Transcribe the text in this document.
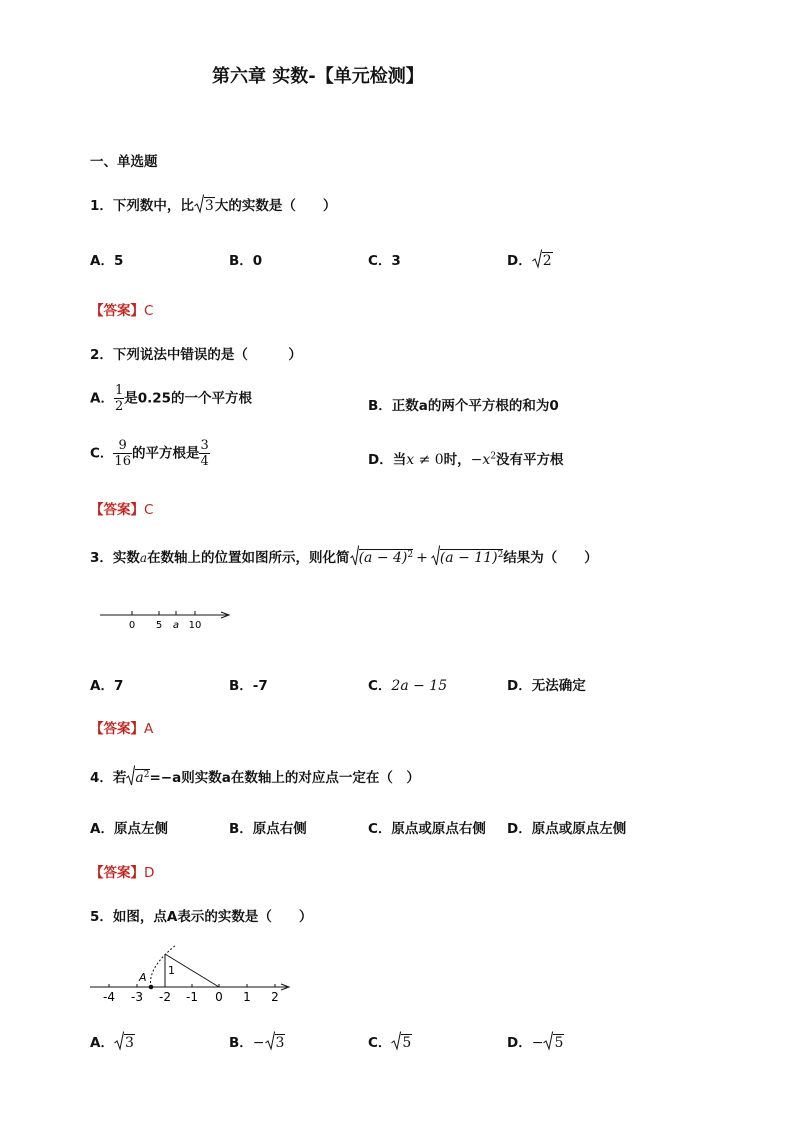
第六章 实数-【单元检测】
一、单选题
1．下列数中，比 3大的实数是（　　）
A．5	B．0	C．3	D． 2
【答案】C
2．下列说法中错误的是（　　　）
A． $\frac{1}{2}$ 是0.25的一个平方根	B．正数a的两个平方根的和为0
C． $\frac{9}{16}$ 的平方根是 $\frac{3}{4}$	D．当x ≠ 0时，$-x^2$没有平方根
【答案】C
3．实数a在数轴上的位置如图所示，则化简 $(a - 4)^2 + (a - 11)^2$结果为（　　）
0 5 a 10
A．7	B．-7	C．2a − 15	D．无法确定
【答案】A
4．若 $a^2=-a$则实数a在数轴上的对应点一定在（　）
A．原点左侧	B．原点右侧	C．原点或原点右侧 D．原点或原点左侧
【答案】D
5．如图，点A表示的实数是（　　）
A
1
-4 -3 -2 -1 0 1 2
A． 3	B．− 3	C． 5	D．− 5
